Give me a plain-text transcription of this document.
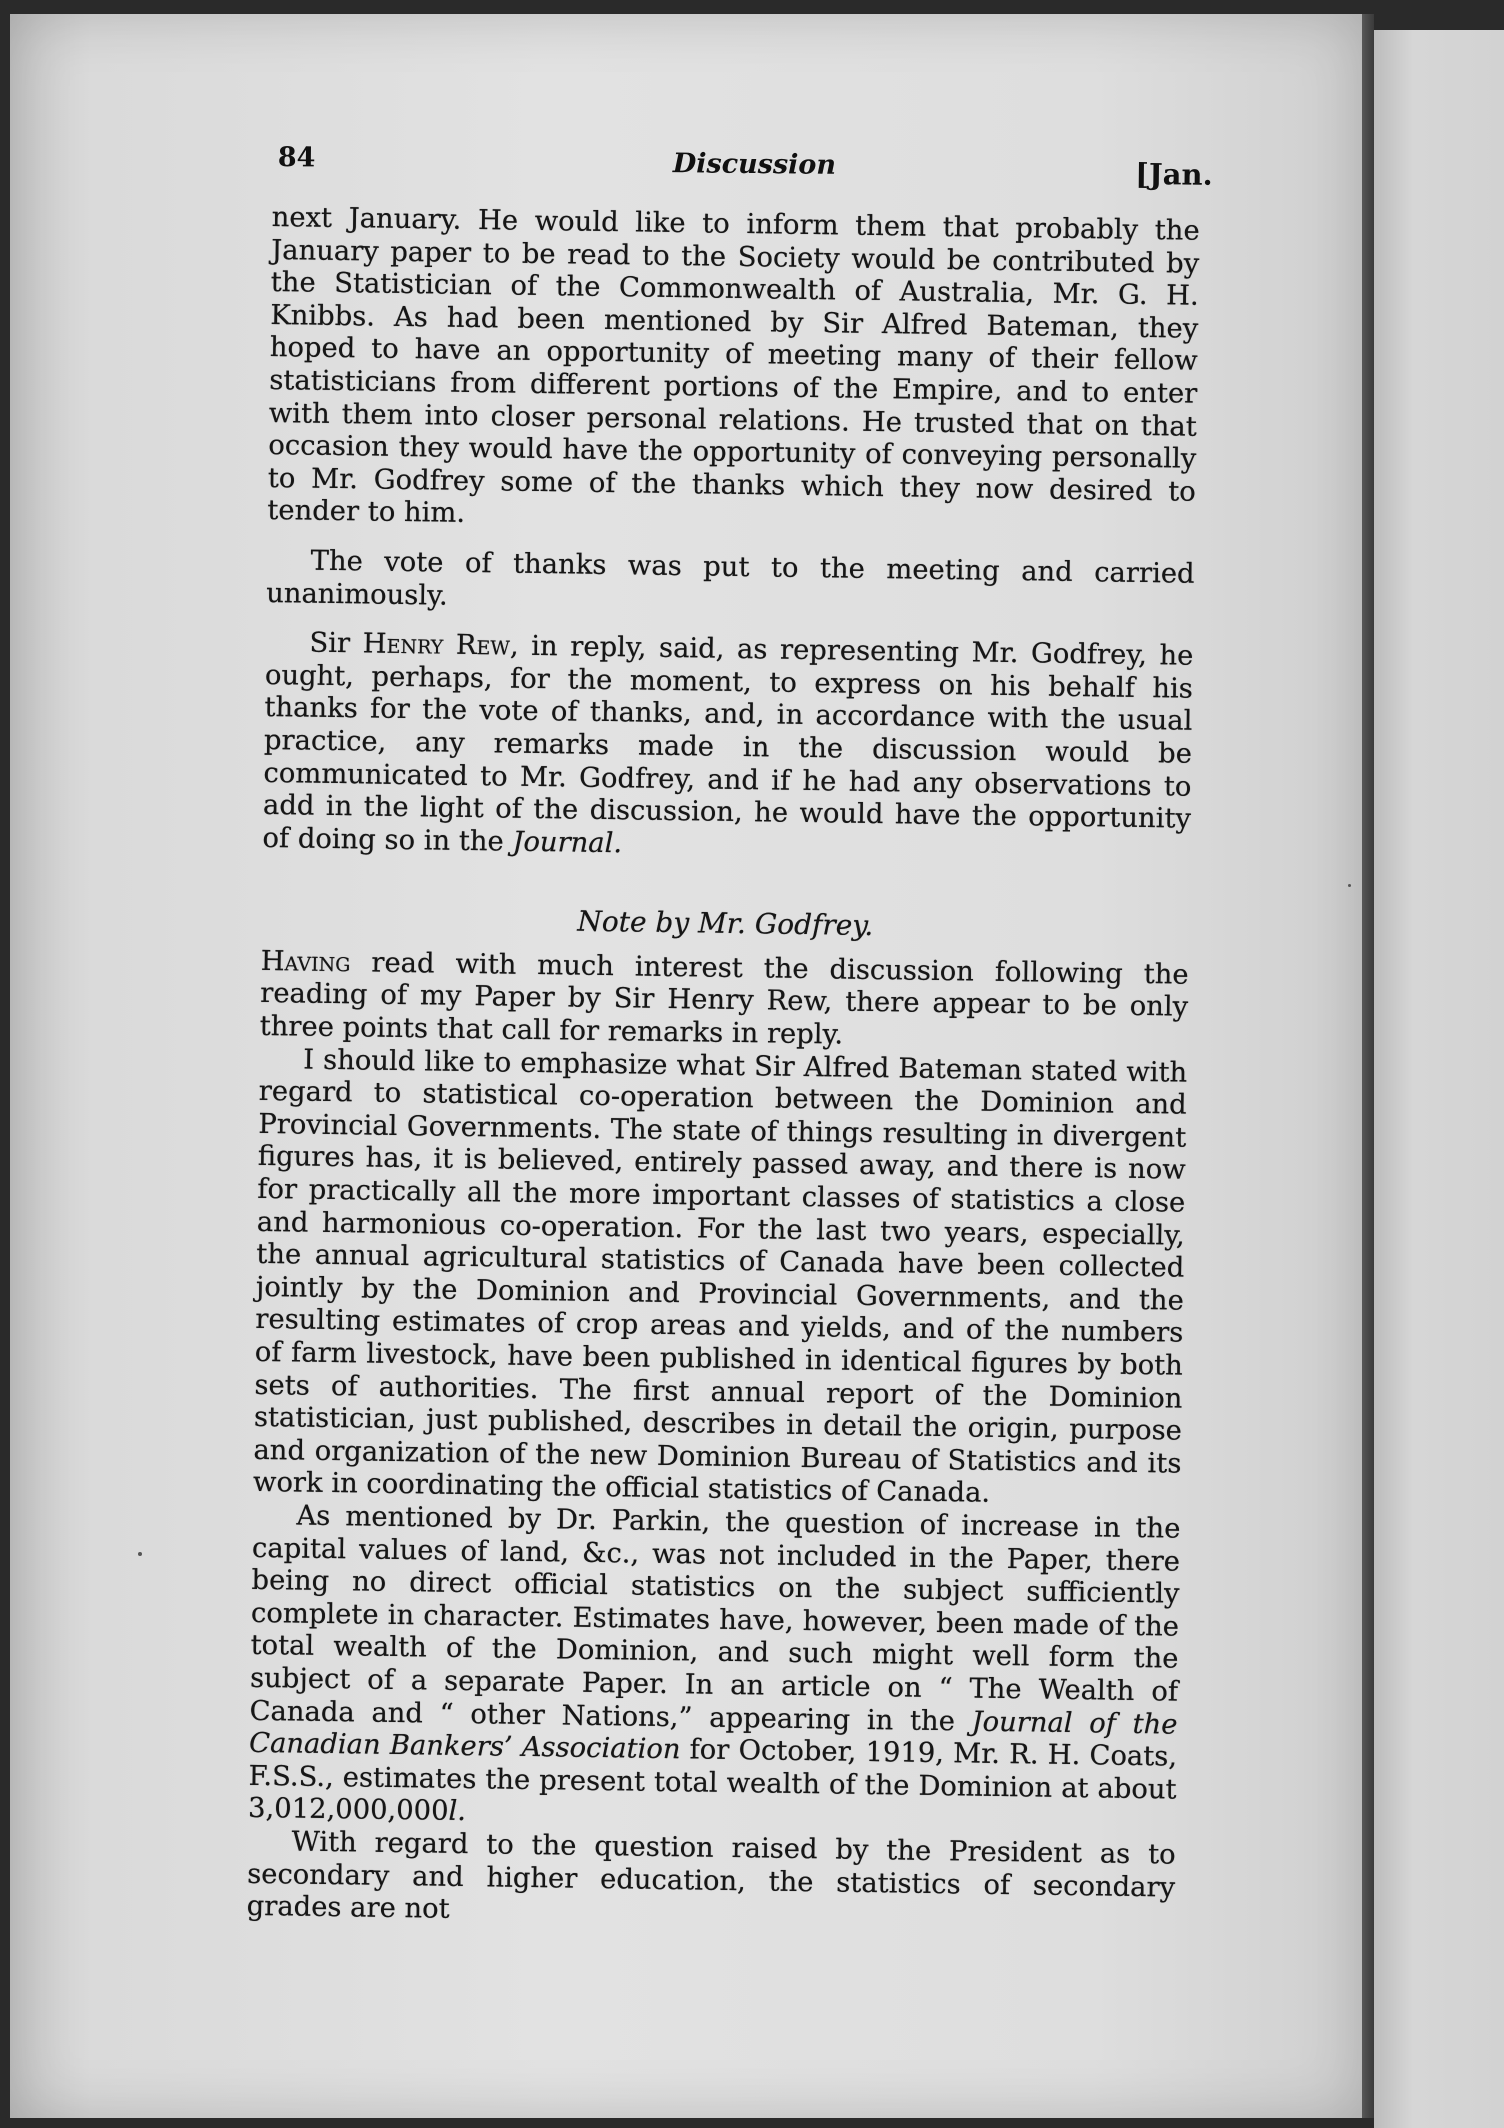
84	Discussion	[Jan.

next January. He would like to inform them that probably the January paper to be read to the Society would be contributed by the Statistician of the Commonwealth of Australia, Mr. G. H. Knibbs. As had been mentioned by Sir Alfred Bateman, they hoped to have an opportunity of meeting many of their fellow statisticians from different portions of the Empire, and to enter with them into closer personal relations. He trusted that on that occasion they would have the opportunity of conveying personally to Mr. Godfrey some of the thanks which they now desired to tender to him.

The vote of thanks was put to the meeting and carried unanimously.

Sir Henry Rew, in reply, said, as representing Mr. Godfrey, he ought, perhaps, for the moment, to express on his behalf his thanks for the vote of thanks, and, in accordance with the usual practice, any remarks made in the discussion would be communicated to Mr. Godfrey, and if he had any observations to add in the light of the discussion, he would have the opportunity of doing so in the Journal.

Note by Mr. Godfrey.

Having read with much interest the discussion following the reading of my Paper by Sir Henry Rew, there appear to be only three points that call for remarks in reply.

I should like to emphasize what Sir Alfred Bateman stated with regard to statistical co-operation between the Dominion and Provincial Governments. The state of things resulting in divergent figures has, it is believed, entirely passed away, and there is now for practically all the more important classes of statistics a close and harmonious co-operation. For the last two years, especially, the annual agricultural statistics of Canada have been collected jointly by the Dominion and Provincial Governments, and the resulting estimates of crop areas and yields, and of the numbers of farm livestock, have been published in identical figures by both sets of authorities. The first annual report of the Dominion statistician, just published, describes in detail the origin, purpose and organization of the new Dominion Bureau of Statistics and its work in coordinating the official statistics of Canada.

As mentioned by Dr. Parkin, the question of increase in the capital values of land, &c., was not included in the Paper, there being no direct official statistics on the subject sufficiently complete in character. Estimates have, however, been made of the total wealth of the Dominion, and such might well form the subject of a separate Paper. In an article on “ The Wealth of Canada and “ other Nations,” appearing in the Journal of the Canadian Bankers’ Association for October, 1919, Mr. R. H. Coats, F.S.S., estimates the present total wealth of the Dominion at about 3,012,000,000l.

With regard to the question raised by the President as to secondary and higher education, the statistics of secondary grades are not
